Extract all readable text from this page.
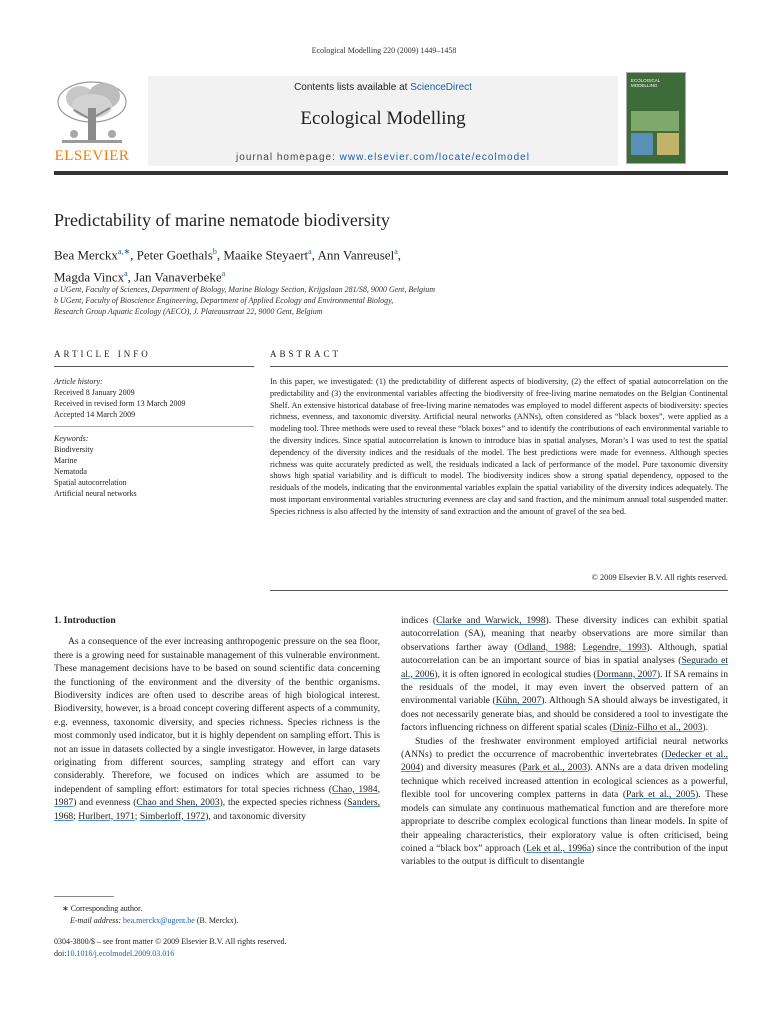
Ecological Modelling 220 (2009) 1449–1458
ELSEVIER
Contents lists available at ScienceDirect
Ecological Modelling
journal homepage: www.elsevier.com/locate/ecolmodel
ECOLOGICAL MODELLING
Predictability of marine nematode biodiversity
Bea Merckx$^{a,∗}$, Peter Goethals$^b$, Maaike Steyaert$^a$, Ann Vanreusel$^a$,
Magda Vincx$^a$, Jan Vanaverbeke$^a$
a UGent, Faculty of Sciences, Department of Biology, Marine Biology Section, Krijgslaan 281/S8, 9000 Gent, Belgium
b UGent, Faculty of Bioscience Engineering, Department of Applied Ecology and Environmental Biology,
Research Group Aquatic Ecology (AECO), J. Plateaustraat 22, 9000 Gent, Belgium
ARTICLE INFO	ABSTRACT
Article history:
Received 8 January 2009
Received in revised form 13 March 2009
Accepted 14 March 2009
Keywords:
Biodiversity
Marine
Nematoda
Spatial autocorrelation
Artificial neural networks
In this paper, we investigated: (1) the predictability of different aspects of biodiversity, (2) the effect of spatial autocorrelation on the predictability and (3) the environmental variables affecting the biodiversity of free-living marine nematodes on the Belgian Continental Shelf. An extensive historical database of free-living marine nematodes was employed to model different aspects of biodiversity: species richness, evenness, and taxonomic diversity. Artificial neural networks (ANNs), often considered as “black boxes”, were applied as a modeling tool. Three methods were used to reveal these “black boxes” and to identify the contributions of each environmental variable to the diversity indices. Since spatial autocorrelation is known to introduce bias in spatial analyses, Moran’s I was used to test the spatial dependency of the diversity indices and the residuals of the model. The best predictions were made for evenness. Although species richness was quite accurately predicted as well, the residuals indicated a lack of performance of the model. Pure taxonomic diversity shows high spatial variability and is difficult to model. The biodiversity indices show a strong spatial dependency, opposed to the residuals of the models, indicating that the environmental variables explain the spatial variability of the diversity indices adequately. The most important environmental variables structuring evenness are clay and sand fraction, and the minimum annual total suspended matter. Species richness is also affected by the intensity of sand extraction and the amount of gravel of the sea bed.
© 2009 Elsevier B.V. All rights reserved.
1. Introduction

As a consequence of the ever increasing anthropogenic pressure on the sea floor, there is a growing need for sustainable management of this vulnerable environment. These management decisions have to be based on sound scientific data concerning the functioning of the environment and the diversity of the benthic organisms. Biodiversity indices are often used to describe areas of high biological interest. Biodiversity, however, is a broad concept covering different aspects of a community, e.g. evenness, taxonomic diversity, and species richness. Species richness is the most commonly used indicator, but it is highly dependent on sampling effort. This is not an issue in datasets collected by a single investigator. However, in large datasets originating from different sources, sampling strategy and effort can vary considerably. Therefore, we focused on indices which are assumed to be independent of sampling effort: estimators for total species richness (Chao, 1984, 1987) and evenness (Chao and Shen, 2003), the expected species richness (Sanders, 1968; Hurlbert, 1971; Simberloff, 1972), and taxonomic diversity

indices (Clarke and Warwick, 1998). These diversity indices can exhibit spatial autocorrelation (SA), meaning that nearby observations are more similar than observations farther away (Odland, 1988; Legendre, 1993). Although, spatial autocorrelation can be an important source of bias in spatial analyses (Segurado et al., 2006), it is often ignored in ecological studies (Dormann, 2007). If SA remains in the residuals of the model, it may even invert the observed pattern of an environmental variable (Kühn, 2007). Although SA should always be investigated, it does not necessarily generate bias, and should be considered a tool to investigate the factors influencing richness on different spatial scales (Diniz-Filho et al., 2003).

Studies of the freshwater environment employed artificial neural networks (ANNs) to predict the occurrence of macrobenthic invertebrates (Dedecker et al., 2004) and diversity measures (Park et al., 2003). ANNs are a data driven modeling technique which received increased attention in ecological sciences as a powerful, flexible tool for uncovering complex patterns in data (Park et al., 2005). These models can simulate any continuous mathematical function and are therefore more appropriate to describe complex ecological functions than linear models. In spite of their appealing characteristics, their exploratory value is often criticised, being coined a “black box” approach (Lek et al., 1996a) since the contribution of the input variables to the output is difficult to disentangle

∗ Corresponding author.
E-mail address: bea.merckx@ugent.be (B. Merckx).
0304-3800/$ – see front matter © 2009 Elsevier B.V. All rights reserved.
doi:10.1016/j.ecolmodel.2009.03.016
